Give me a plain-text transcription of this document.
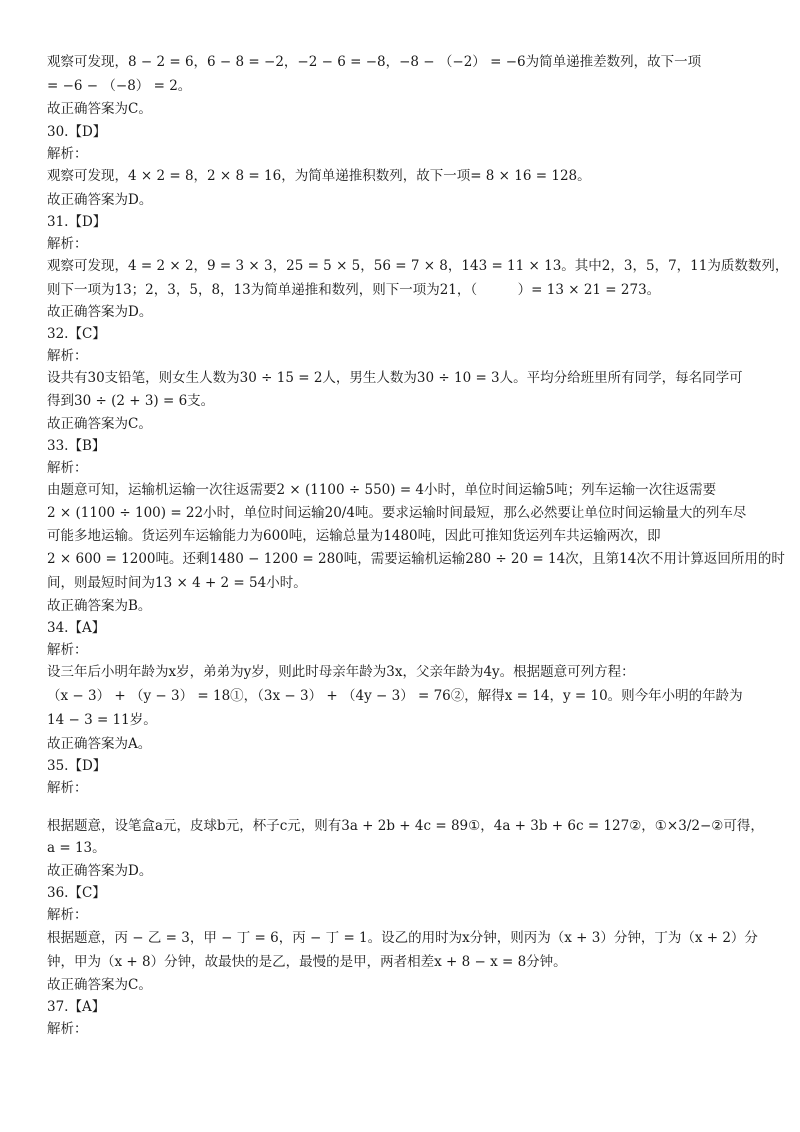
观察可发现，8 − 2 = 6，6 − 8 = −2，−2 − 6 = −8，−8 − （−2） = −6为简单递推差数列，故下一项
= −6 − （−8） = 2。
故正确答案为C。
30.【D】
解析：
观察可发现，4 × 2 = 8，2 × 8 = 16，为简单递推积数列，故下一项= 8 × 16 = 128。
故正确答案为D。
31.【D】
解析：
观察可发现，4 = 2 × 2，9 = 3 × 3，25 = 5 × 5，56 = 7 × 8，143 = 11 × 13。其中2，3，5，7，11为质数数列，
则下一项为13；2，3，5，8，13为简单递推和数列，则下一项为21，（　　　）= 13 × 21 = 273。
故正确答案为D。
32.【C】
解析：
设共有30支铅笔，则女生人数为30 ÷ 15 = 2人，男生人数为30 ÷ 10 = 3人。平均分给班里所有同学，每名同学可
得到30 ÷ (2 + 3) = 6支。
故正确答案为C。
33.【B】
解析：
由题意可知，运输机运输一次往返需要2 × (1100 ÷ 550) = 4小时，单位时间运输5吨；列车运输一次往返需要
2 × (1100 ÷ 100) = 22小时，单位时间运输20/4吨。要求运输时间最短，那么必然要让单位时间运输量大的列车尽
可能多地运输。货运列车运输能力为600吨，运输总量为1480吨，因此可推知货运列车共运输两次，即
2 × 600 = 1200吨。还剩1480 − 1200 = 280吨，需要运输机运输280 ÷ 20 = 14次，且第14次不用计算返回所用的时
间，则最短时间为13 × 4 + 2 = 54小时。
故正确答案为B。
34.【A】
解析：
设三年后小明年龄为x岁，弟弟为y岁，则此时母亲年龄为3x，父亲年龄为4y。根据题意可列方程：
（x − 3） + （y − 3） = 18①，（3x − 3） + （4y − 3） = 76②，解得x = 14，y = 10。则今年小明的年龄为
14 − 3 = 11岁。
故正确答案为A。
35.【D】
解析：
根据题意，设笔盒a元，皮球b元，杯子c元，则有3a + 2b + 4c = 89①，4a + 3b + 6c = 127②，①×3/2−②可得，
a = 13。
故正确答案为D。
36.【C】
解析：
根据题意，丙 − 乙 = 3，甲 − 丁 = 6，丙 − 丁 = 1。设乙的用时为x分钟，则丙为（x + 3）分钟，丁为（x + 2）分
钟，甲为（x + 8）分钟，故最快的是乙，最慢的是甲，两者相差x + 8 − x = 8分钟。
故正确答案为C。
37.【A】
解析：
